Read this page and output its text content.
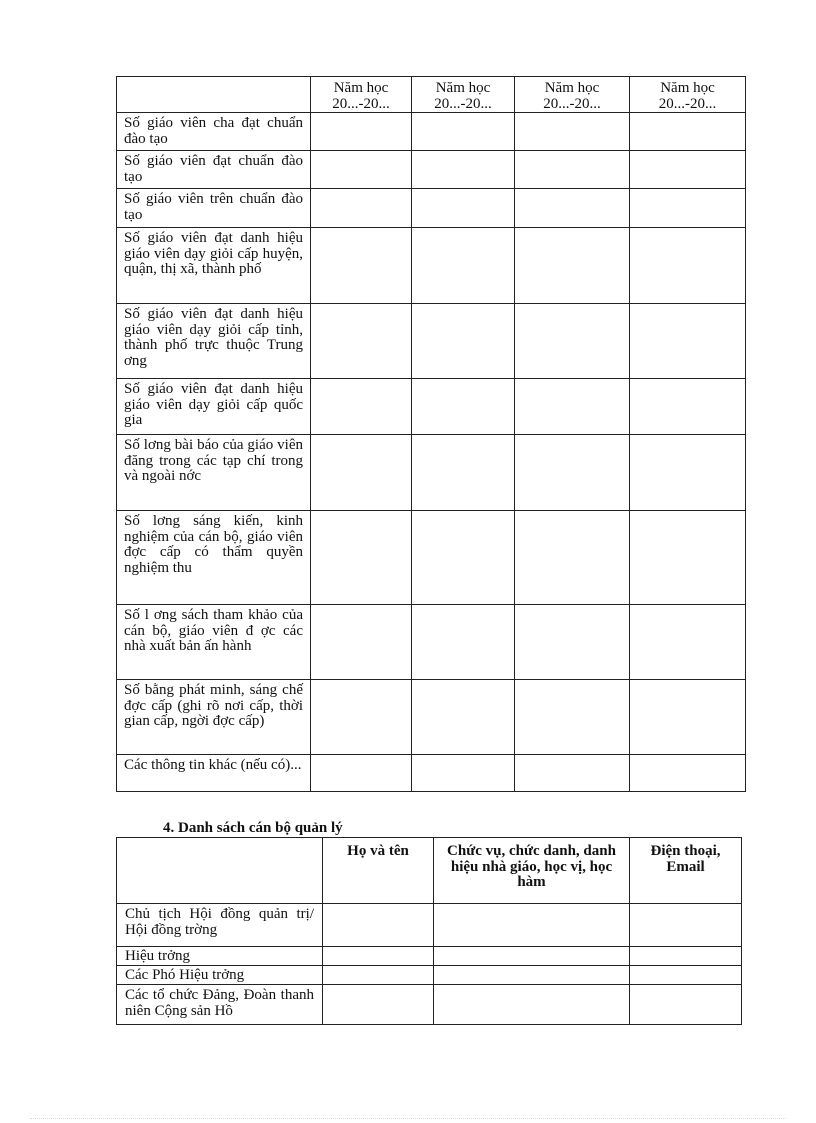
	Năm học 20...-20...	Năm học 20...-20...	Năm học 20...-20...	Năm học 20...-20...
Số giáo viên cha đạt chuẩn đào tạo				
Số giáo viên đạt chuẩn đào tạo				
Số giáo viên trên chuẩn đào tạo				
Số giáo viên đạt danh hiệu giáo viên dạy giỏi cấp huyện, quận, thị xã, thành phố				
Số giáo viên đạt danh hiệu giáo viên dạy giỏi cấp tỉnh, thành phố trực thuộc Trung ơng				
Số giáo viên đạt danh hiệu giáo viên dạy giỏi cấp quốc gia				
Số lơng bài báo của giáo viên đăng trong các tạp chí trong và ngoài nớc				
Số lơng sáng kiến, kinh nghiệm của cán bộ, giáo viên đợc cấp có thẩm quyền nghiệm thu				
Số l ơng sách tham khảo của cán bộ, giáo viên đ ợc các nhà xuất bản ấn hành				
Số bằng phát minh, sáng chế đợc cấp (ghi rõ nơi cấp, thời gian cấp, ngời đợc cấp)				
Các thông tin khác (nếu có)...				
4. Danh sách cán bộ quản lý
	Họ và tên	Chức vụ, chức danh, danh hiệu nhà giáo, học vị, học hàm	Điện thoại, Email
Chủ tịch Hội đồng quản trị/ Hội đồng trờng			
Hiệu trởng			
Các Phó Hiệu trởng			
Các tổ chức Đảng, Đoàn thanh niên Cộng sản Hồ			
